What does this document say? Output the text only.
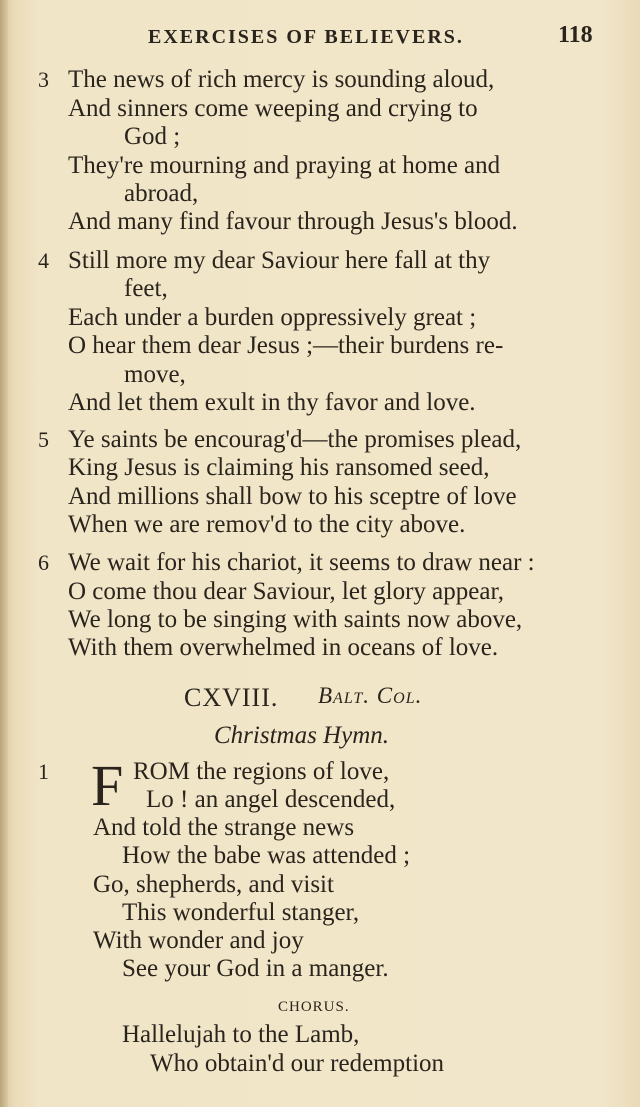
EXERCISES OF BELIEVERS.	118
3 The news of rich mercy is sounding aloud,
And sinners come weeping and crying to
God ;
They're mourning and praying at home and
abroad,
And many find favour through Jesus's blood.
4 Still more my dear Saviour here fall at thy
feet,
Each under a burden oppressively great ;
O hear them dear Jesus ;—their burdens re-
move,
And let them exult in thy favor and love.
5 Ye saints be encourag'd—the promises plead,
King Jesus is claiming his ransomed seed,
And millions shall bow to his sceptre of love
When we are remov'd to the city above.
6 We wait for his chariot, it seems to draw near :
O come thou dear Saviour, let glory appear,
We long to be singing with saints now above,
With them overwhelmed in oceans of love.
CXVIII. Balt. Col.
Christmas Hymn.
1 F ROM the regions of love,
Lo ! an angel descended,
And told the strange news
How the babe was attended ;
Go, shepherds, and visit
This wonderful stanger,
With wonder and joy
See your God in a manger.
CHORUS.
Hallelujah to the Lamb,
Who obtain'd our redemption
